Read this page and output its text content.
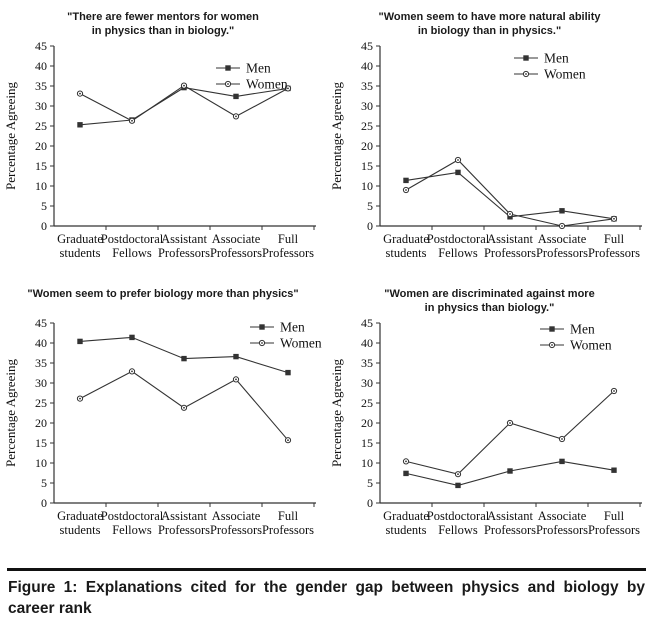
"There are fewer mentors for women
in physics than in biology."
0
5
10
15
20
25
30
35
40
45
Graduate
students
Postdoctoral
Fellows
Assistant
Professors
Associate
Professors
Full
Professors
Percentage Agreeing
Men
Women
"Women seem to have more natural ability
in biology than in physics."
0
5
10
15
20
25
30
35
40
45
Graduate
students
Postdoctoral
Fellows
Assistant
Professors
Associate
Professors
Full
Professors
Percentage Agreeing
Men
Women
"Women seem to prefer biology more than physics"

0
5
10
15
20
25
30
35
40
45
Graduate
students
Postdoctoral
Fellows
Assistant
Professors
Associate
Professors
Full
Professors
Percentage Agreeing
Men
Women
"Women are discriminated against more
in physics than biology."
0
5
10
15
20
25
30
35
40
45
Graduate
students
Postdoctoral
Fellows
Assistant
Professors
Associate
Professors
Full
Professors
Percentage Agreeing
Men
Women

Figure 1: Explanations cited for the gender gap between physics and biology by career rank
